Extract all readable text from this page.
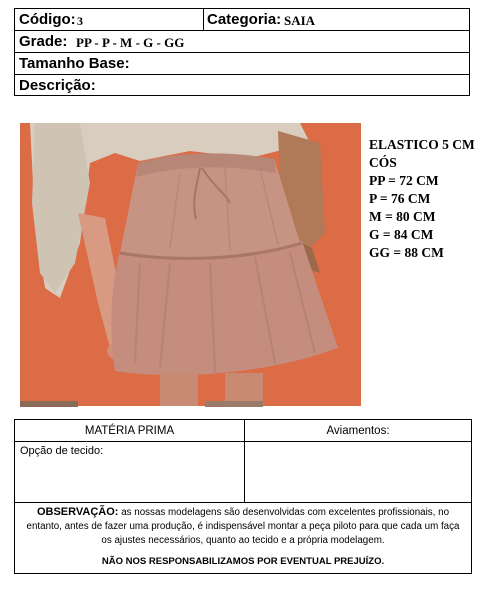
Código: 3	Categoria: SAIA
Grade: PP - P - M - G - GG
Tamanho Base:
Descrição:
ELASTICO 5 CM
CÓS
PP = 72 CM
P = 76 CM
M = 80 CM
G = 84 CM
GG = 88 CM
MATÉRIA PRIMA	Aviamentos:
Opção de tecido:
OBSERVAÇÃO: as nossas modelagens são desenvolvidas com excelentes profissionais, no entanto, antes de fazer uma produção, é indispensável montar a peça piloto para que cada um faça os ajustes necessários, quanto ao tecido e a própria modelagem.
NÃO NOS RESPONSABILIZAMOS POR EVENTUAL PREJUÍZO.
